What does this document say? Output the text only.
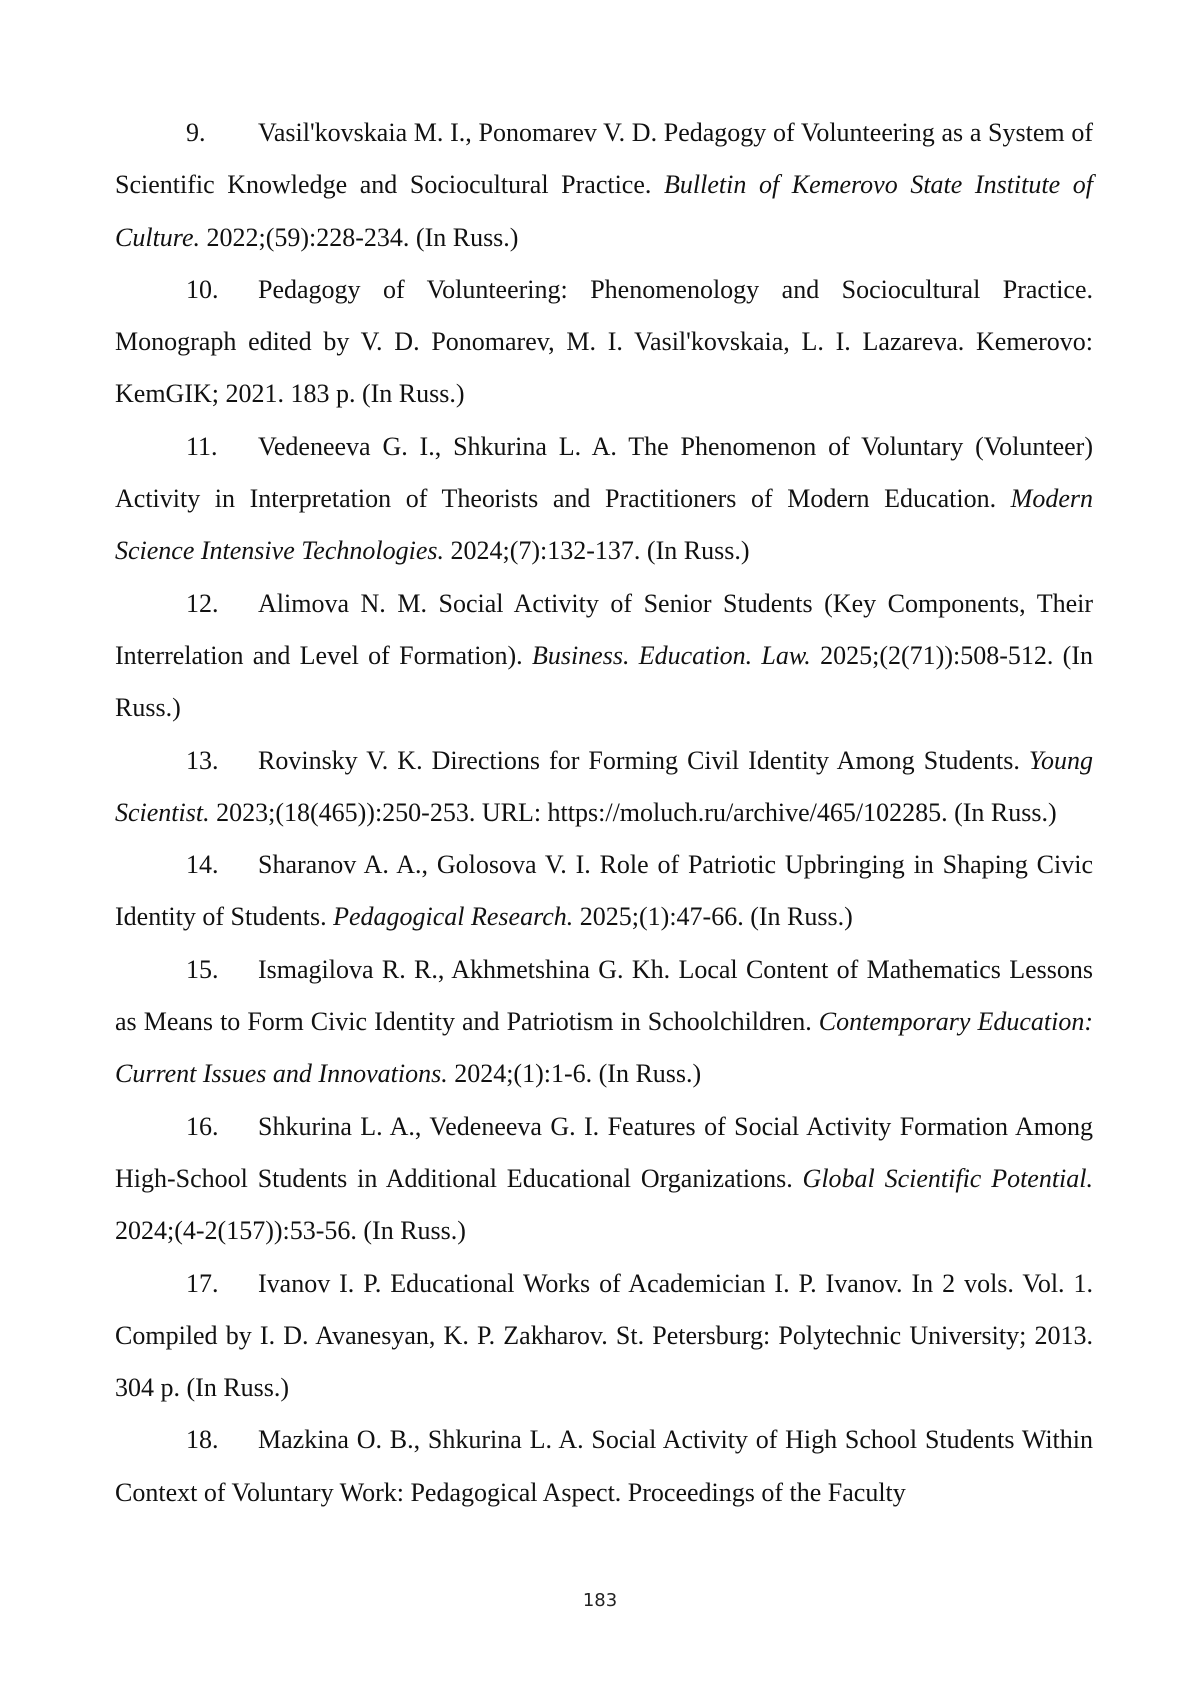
9. Vasil'kovskaia M. I., Ponomarev V. D. Pedagogy of Volunteering as a System of Scientific Knowledge and Sociocultural Practice. Bulletin of Kemerovo State Institute of Culture. 2022;(59):228-234. (In Russ.)

10. Pedagogy of Volunteering: Phenomenology and Sociocultural Practice. Monograph edited by V. D. Ponomarev, M. I. Vasil'kovskaia, L. I. Lazareva. Kemerovo: KemGIK; 2021. 183 p. (In Russ.)

11. Vedeneeva G. I., Shkurina L. A. The Phenomenon of Voluntary (Volunteer) Activity in Interpretation of Theorists and Practitioners of Modern Education. Modern Science Intensive Technologies. 2024;(7):132-137. (In Russ.)

12. Alimova N. M. Social Activity of Senior Students (Key Components, Their Interrelation and Level of Formation). Business. Education. Law. 2025;(2(71)):508-512. (In Russ.)

13. Rovinsky V. K. Directions for Forming Civil Identity Among Students. Young Scientist. 2023;(18(465)):250-253. URL: https://moluch.ru/archive/465/102285. (In Russ.)

14. Sharanov A. A., Golosova V. I. Role of Patriotic Upbringing in Shaping Civic Identity of Students. Pedagogical Research. 2025;(1):47-66. (In Russ.)

15. Ismagilova R. R., Akhmetshina G. Kh. Local Content of Mathematics Lessons as Means to Form Civic Identity and Patriotism in Schoolchildren. Contemporary Education: Current Issues and Innovations. 2024;(1):1-6. (In Russ.)

16. Shkurina L. A., Vedeneeva G. I. Features of Social Activity Formation Among High-School Students in Additional Educational Organizations. Global Scientific Potential. 2024;(4-2(157)):53-56. (In Russ.)

17. Ivanov I. P. Educational Works of Academician I. P. Ivanov. In 2 vols. Vol. 1. Compiled by I. D. Avanesyan, K. P. Zakharov. St. Petersburg: Polytechnic University; 2013. 304 p. (In Russ.)

18. Mazkina O. B., Shkurina L. A. Social Activity of High School Students Within Context of Voluntary Work: Pedagogical Aspect. Proceedings of the Faculty

183
